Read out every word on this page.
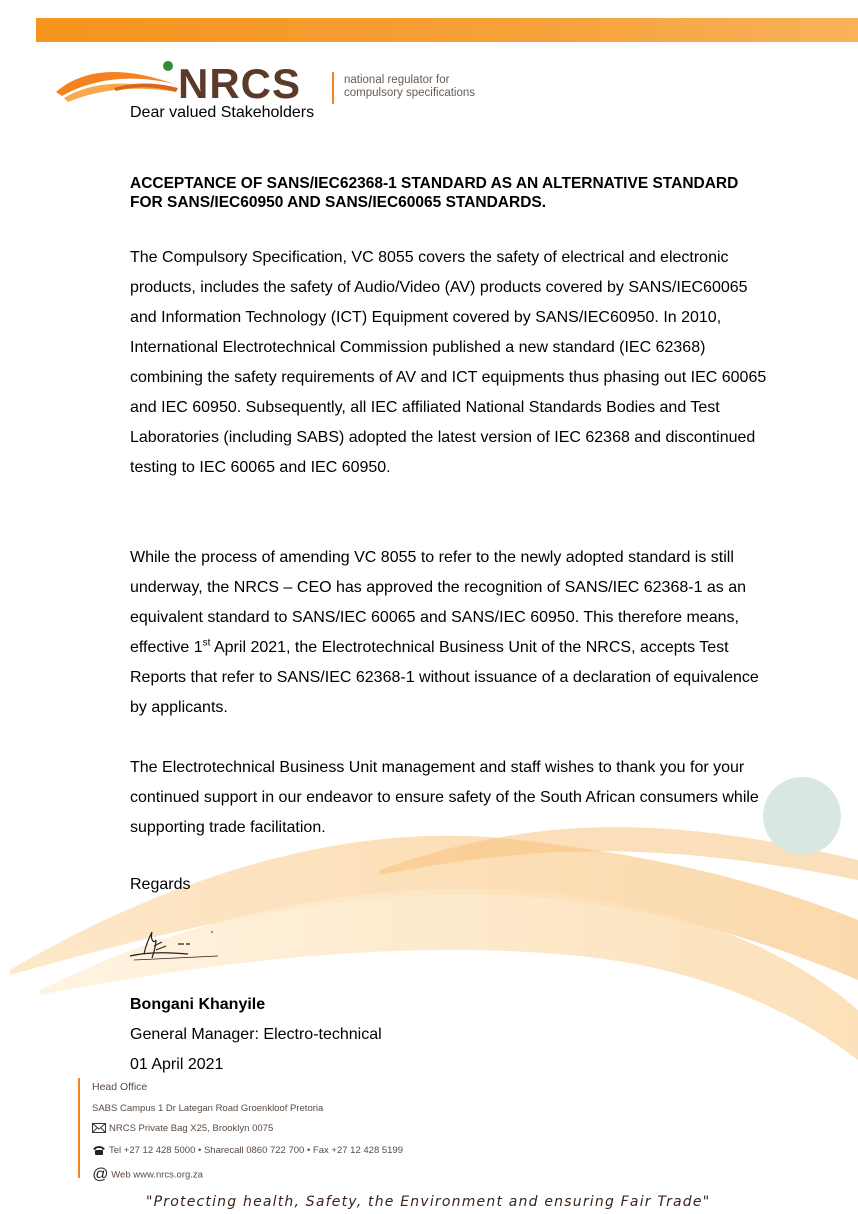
NRCS	national regulator for
compulsory specifications
Dear valued Stakeholders
ACCEPTANCE OF SANS/IEC62368-1 STANDARD AS AN ALTERNATIVE STANDARD FOR SANS/IEC60950 AND SANS/IEC60065 STANDARDS.
The Compulsory Specification, VC 8055 covers the safety of electrical and electronic products, includes the safety of Audio/Video (AV) products covered by SANS/IEC60065 and Information Technology (ICT) Equipment covered by SANS/IEC60950. In 2010, International Electrotechnical Commission published a new standard (IEC 62368) combining the safety requirements of AV and ICT equipments thus phasing out IEC 60065 and IEC 60950. Subsequently, all IEC affiliated National Standards Bodies and Test Laboratories (including SABS) adopted the latest version of IEC 62368 and discontinued testing to IEC 60065 and IEC 60950.
While the process of amending VC 8055 to refer to the newly adopted standard is still underway, the NRCS – CEO has approved the recognition of SANS/IEC 62368-1 as an equivalent standard to SANS/IEC 60065 and SANS/IEC 60950. This therefore means, effective 1st April 2021, the Electrotechnical Business Unit of the NRCS, accepts Test Reports that refer to SANS/IEC 62368-1 without issuance of a declaration of equivalence by applicants.
The Electrotechnical Business Unit management and staff wishes to thank you for your continued support in our endeavor to ensure safety of the South African consumers while supporting trade facilitation.
Regards
Bongani Khanyile
General Manager: Electro-technical
01 April 2021
Head Office
SABS Campus 1 Dr Lategan Road Groenkloof Pretoria
NRCS Private Bag X25, Brooklyn 0075
Tel +27 12 428 5000 • Sharecall 0860 722 700 • Fax +27 12 428 5199
@ Web www.nrcs.org.za
"Protecting health, Safety, the Environment and ensuring Fair Trade"
